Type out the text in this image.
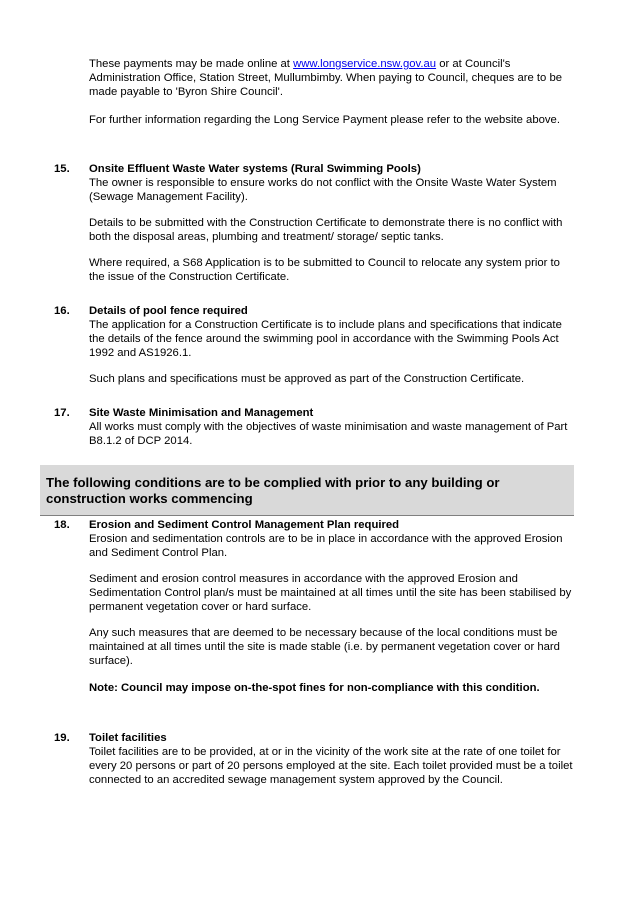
These payments may be made online at www.longservice.nsw.gov.au or at Council's Administration Office, Station Street, Mullumbimby. When paying to Council, cheques are to be made payable to 'Byron Shire Council'.

For further information regarding the Long Service Payment please refer to the website above.

15. Onsite Effluent Waste Water systems (Rural Swimming Pools)

The owner is responsible to ensure works do not conflict with the Onsite Waste Water System (Sewage Management Facility).

Details to be submitted with the Construction Certificate to demonstrate there is no conflict with both the disposal areas, plumbing and treatment/ storage/ septic tanks.

Where required, a S68 Application is to be submitted to Council to relocate any system prior to the issue of the Construction Certificate.

16. Details of pool fence required

The application for a Construction Certificate is to include plans and specifications that indicate the details of the fence around the swimming pool in accordance with the Swimming Pools Act 1992 and AS1926.1.

Such plans and specifications must be approved as part of the Construction Certificate.

17. Site Waste Minimisation and Management

All works must comply with the objectives of waste minimisation and waste management of Part B8.1.2 of DCP 2014.

The following conditions are to be complied with prior to any building or construction works commencing

18. Erosion and Sediment Control Management Plan required

Erosion and sedimentation controls are to be in place in accordance with the approved Erosion and Sediment Control Plan.

Sediment and erosion control measures in accordance with the approved Erosion and Sedimentation Control plan/s must be maintained at all times until the site has been stabilised by permanent vegetation cover or hard surface.

Any such measures that are deemed to be necessary because of the local conditions must be maintained at all times until the site is made stable (i.e. by permanent vegetation cover or hard surface).

Note: Council may impose on-the-spot fines for non-compliance with this condition.

19. Toilet facilities

Toilet facilities are to be provided, at or in the vicinity of the work site at the rate of one toilet for every 20 persons or part of 20 persons employed at the site. Each toilet provided must be a toilet connected to an accredited sewage management system approved by the Council.
